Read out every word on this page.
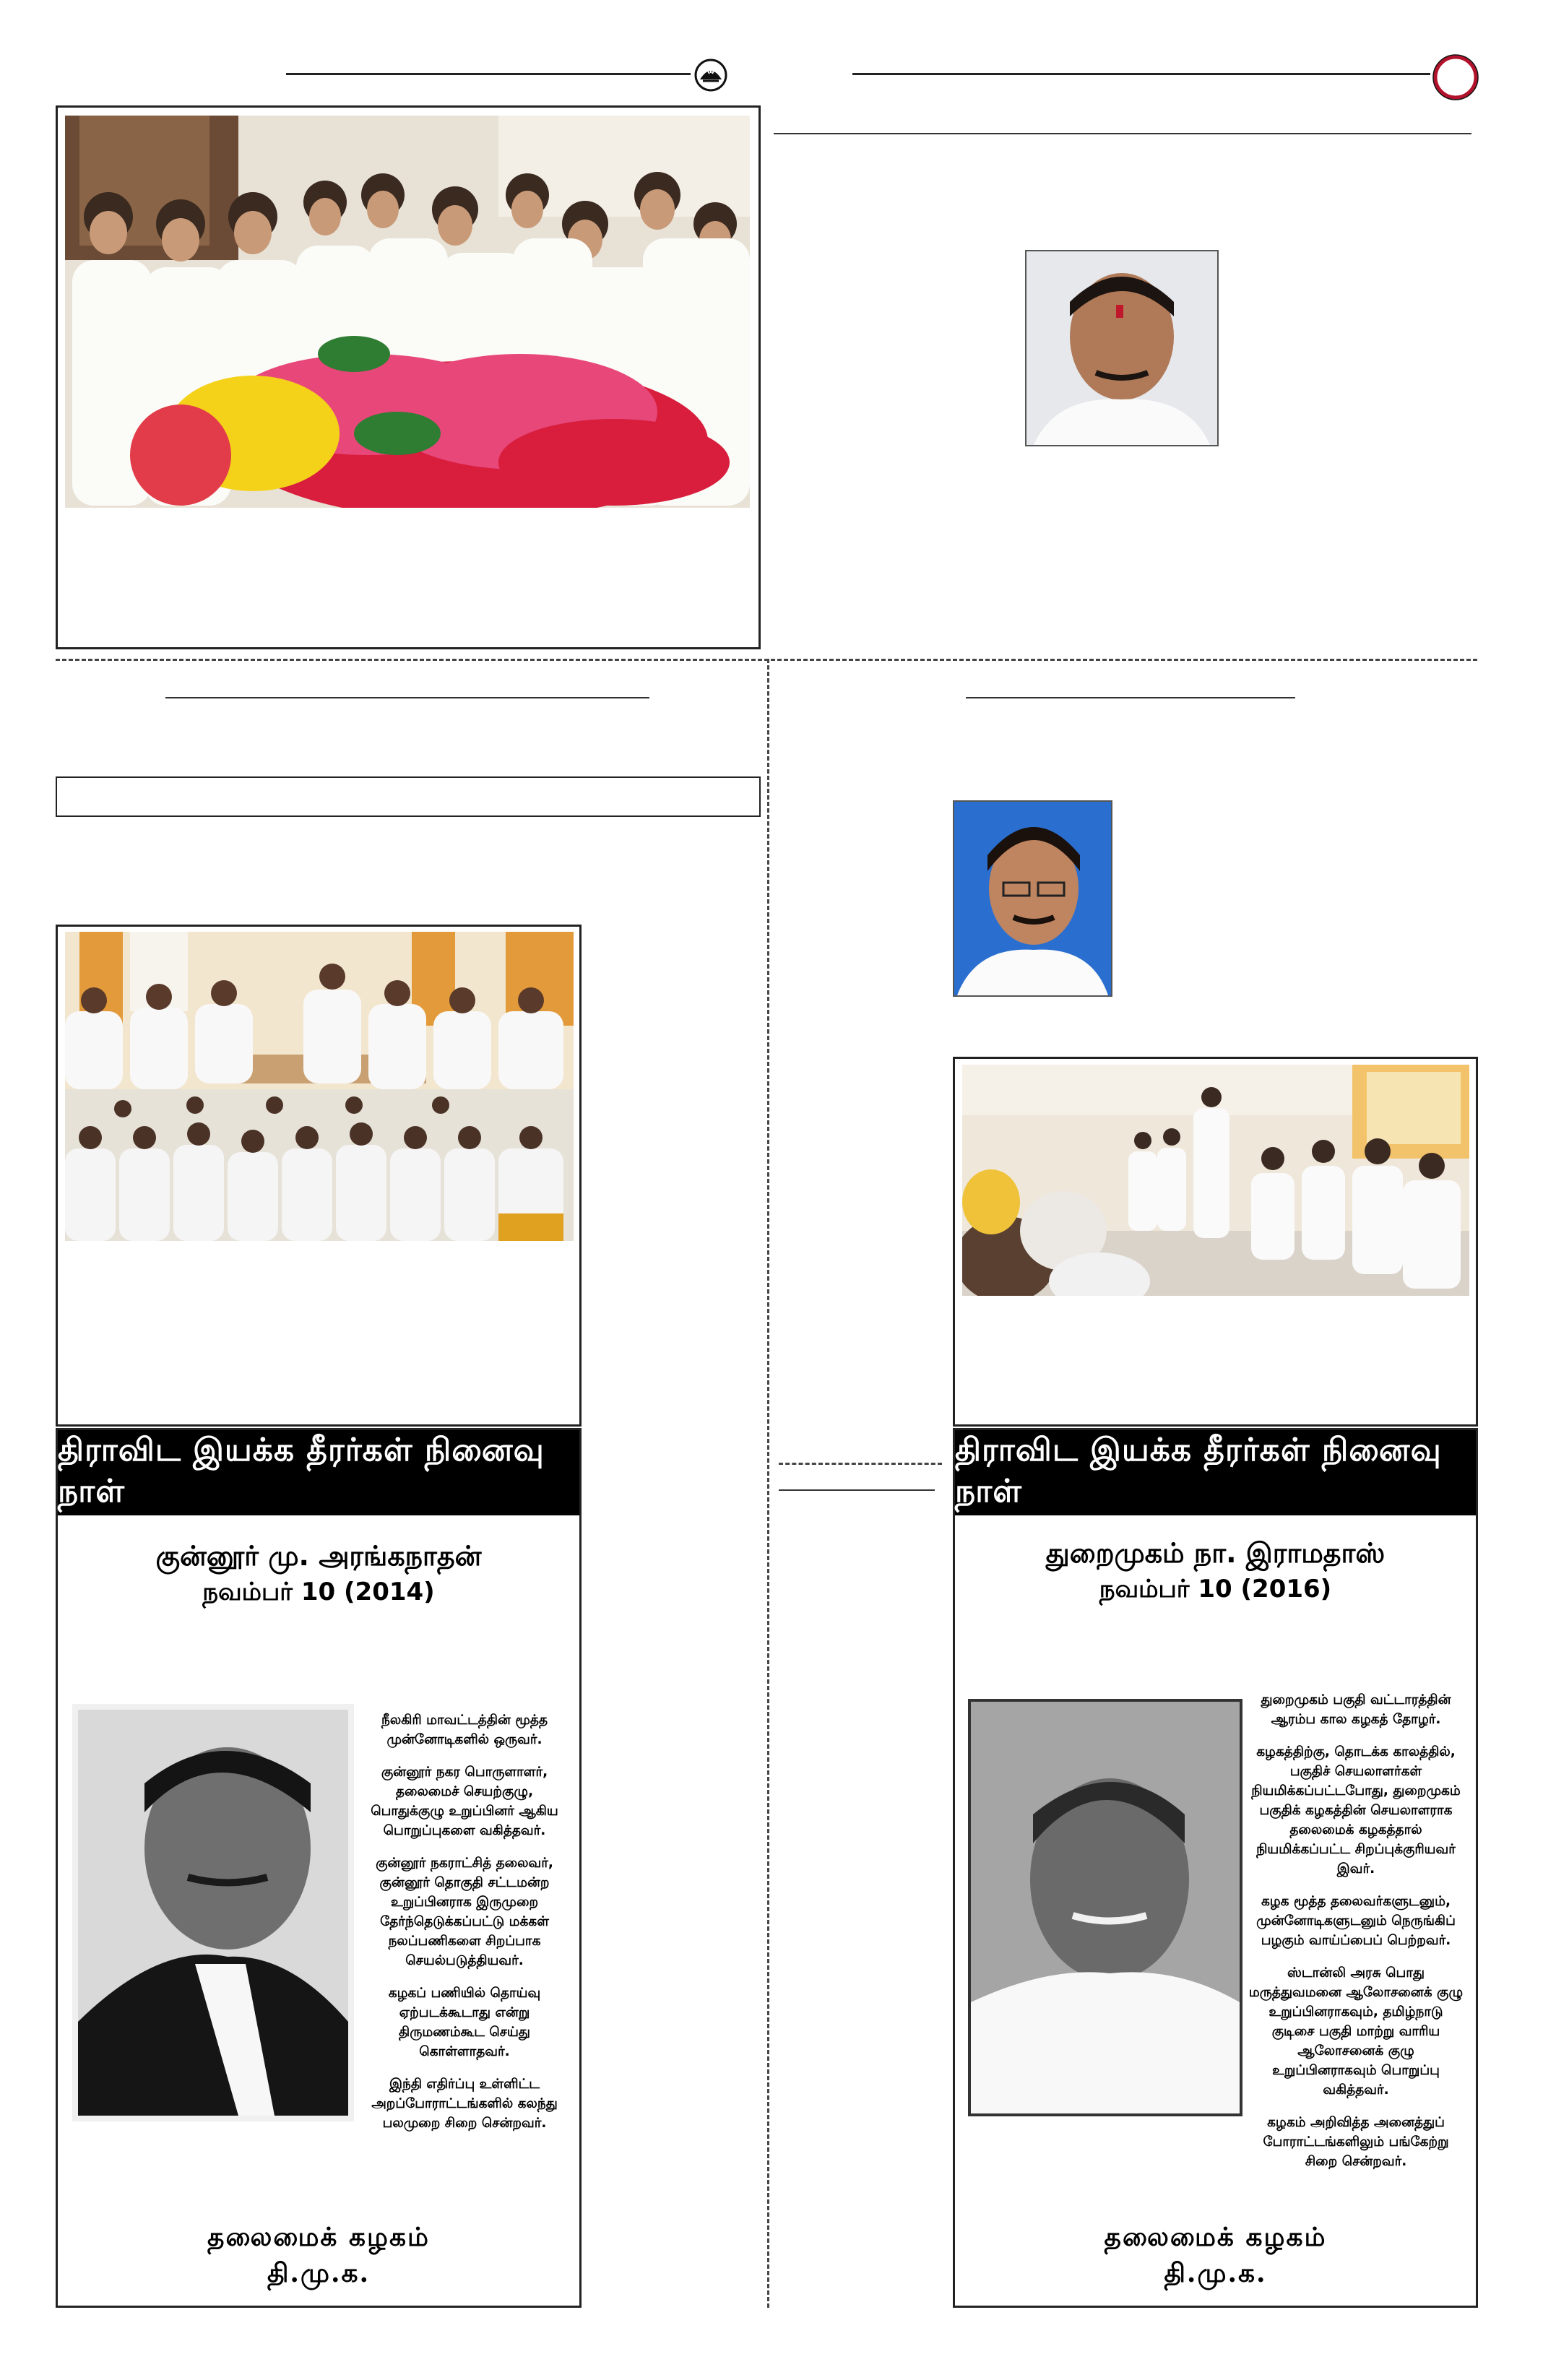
திராவிட இயக்க தீரர்கள் நினைவு நாள்
குன்னூர் மு. அரங்கநாதன்
நவம்பர் 10 (2014)

நீலகிரி மாவட்டத்தின் மூத்த முன்னோடிகளில் ஒருவர்.

குன்னூர் நகர பொருளாளர், தலைமைச் செயற்குழு, பொதுக்குழு உறுப்பினர் ஆகிய பொறுப்புகளை வகித்தவர்.

குன்னூர் நகராட்சித் தலைவர், குன்னூர் தொகுதி சட்டமன்ற உறுப்பினராக இருமுறை தேர்ந்தெடுக்கப்பட்டு மக்கள் நலப்பணிகளை சிறப்பாக செயல்படுத்தியவர்.

கழகப் பணியில் தொய்வு ஏற்படக்கூடாது என்று திருமணம்கூட செய்து கொள்ளாதவர்.

இந்தி எதிர்ப்பு உள்ளிட்ட அறப்போராட்டங்களில் கலந்து பலமுறை சிறை சென்றவர்.

தலைமைக் கழகம்
தி.மு.க.
திராவிட இயக்க தீரர்கள் நினைவு நாள்
துறைமுகம் நா. இராமதாஸ்
நவம்பர் 10 (2016)

துறைமுகம் பகுதி வட்டாரத்தின் ஆரம்ப கால கழகத் தோழர்.

கழகத்திற்கு, தொடக்க காலத்தில், பகுதிச் செயலாளர்கள் நியமிக்கப்பட்டபோது, துறைமுகம் பகுதிக் கழகத்தின் செயலாளராக தலைமைக் கழகத்தால் நியமிக்கப்பட்ட சிறப்புக்குரியவர் இவர்.

கழக மூத்த தலைவர்களுடனும், முன்னோடிகளுடனும் நெருங்கிப் பழகும் வாய்ப்பைப் பெற்றவர்.

ஸ்டான்லி அரசு பொது மருத்துவமனை ஆலோசனைக் குழு உறுப்பினராகவும், தமிழ்நாடு குடிசை பகுதி மாற்று வாரிய ஆலோசனைக் குழு உறுப்பினராகவும் பொறுப்பு வகித்தவர்.

கழகம் அறிவித்த அனைத்துப் போராட்டங்களிலும் பங்கேற்று சிறை சென்றவர்.

தலைமைக் கழகம்
தி.மு.க.
